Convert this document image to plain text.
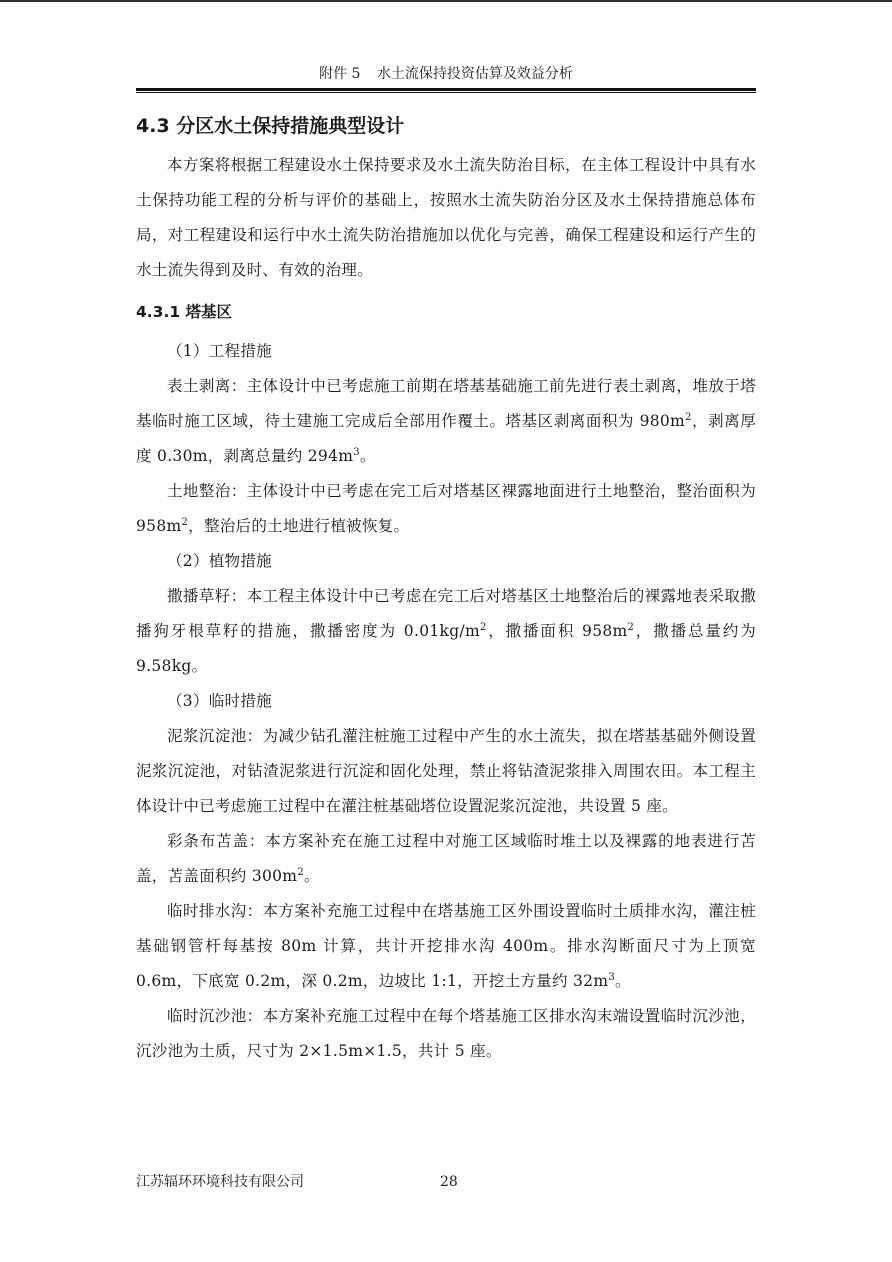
附件 5 水土流保持投资估算及效益分析
4.3 分区水土保持措施典型设计

本方案将根据工程建设水土保持要求及水土流失防治目标，在主体工程设计中具有水土保持功能工程的分析与评价的基础上，按照水土流失防治分区及水土保持措施总体布局，对工程建设和运行中水土流失防治措施加以优化与完善，确保工程建设和运行产生的水土流失得到及时、有效的治理。

4.3.1 塔基区

（1）工程措施

表土剥离：主体设计中已考虑施工前期在塔基基础施工前先进行表土剥离，堆放于塔基临时施工区域，待土建施工完成后全部用作覆土。塔基区剥离面积为 $980m^2$，剥离厚度 0.30m，剥离总量约 $294m^3$。

土地整治：主体设计中已考虑在完工后对塔基区裸露地面进行土地整治，整治面积为 $958m^2$，整治后的土地进行植被恢复。

（2）植物措施

撒播草籽：本工程主体设计中已考虑在完工后对塔基区土地整治后的裸露地表采取撒播狗牙根草籽的措施，撒播密度为 $0.01kg/m^2$，撒播面积 $958m^2$，撒播总量约为 9.58kg。

（3）临时措施

泥浆沉淀池：为减少钻孔灌注桩施工过程中产生的水土流失，拟在塔基基础外侧设置泥浆沉淀池，对钻渣泥浆进行沉淀和固化处理，禁止将钻渣泥浆排入周围农田。本工程主体设计中已考虑施工过程中在灌注桩基础塔位设置泥浆沉淀池，共设置 5 座。

彩条布苫盖：本方案补充在施工过程中对施工区域临时堆土以及裸露的地表进行苫盖，苫盖面积约 $300m^2$。

临时排水沟：本方案补充施工过程中在塔基施工区外围设置临时土质排水沟，灌注桩基础钢管杆每基按 80m 计算，共计开挖排水沟 400m。排水沟断面尺寸为上顶宽 0.6m，下底宽 0.2m，深 0.2m，边坡比 1:1，开挖土方量约 $32m^3$。

临时沉沙池：本方案补充施工过程中在每个塔基施工区排水沟末端设置临时沉沙池，沉沙池为土质，尺寸为 2×1.5m×1.5，共计 5 座。

江苏辐环环境科技有限公司	28
